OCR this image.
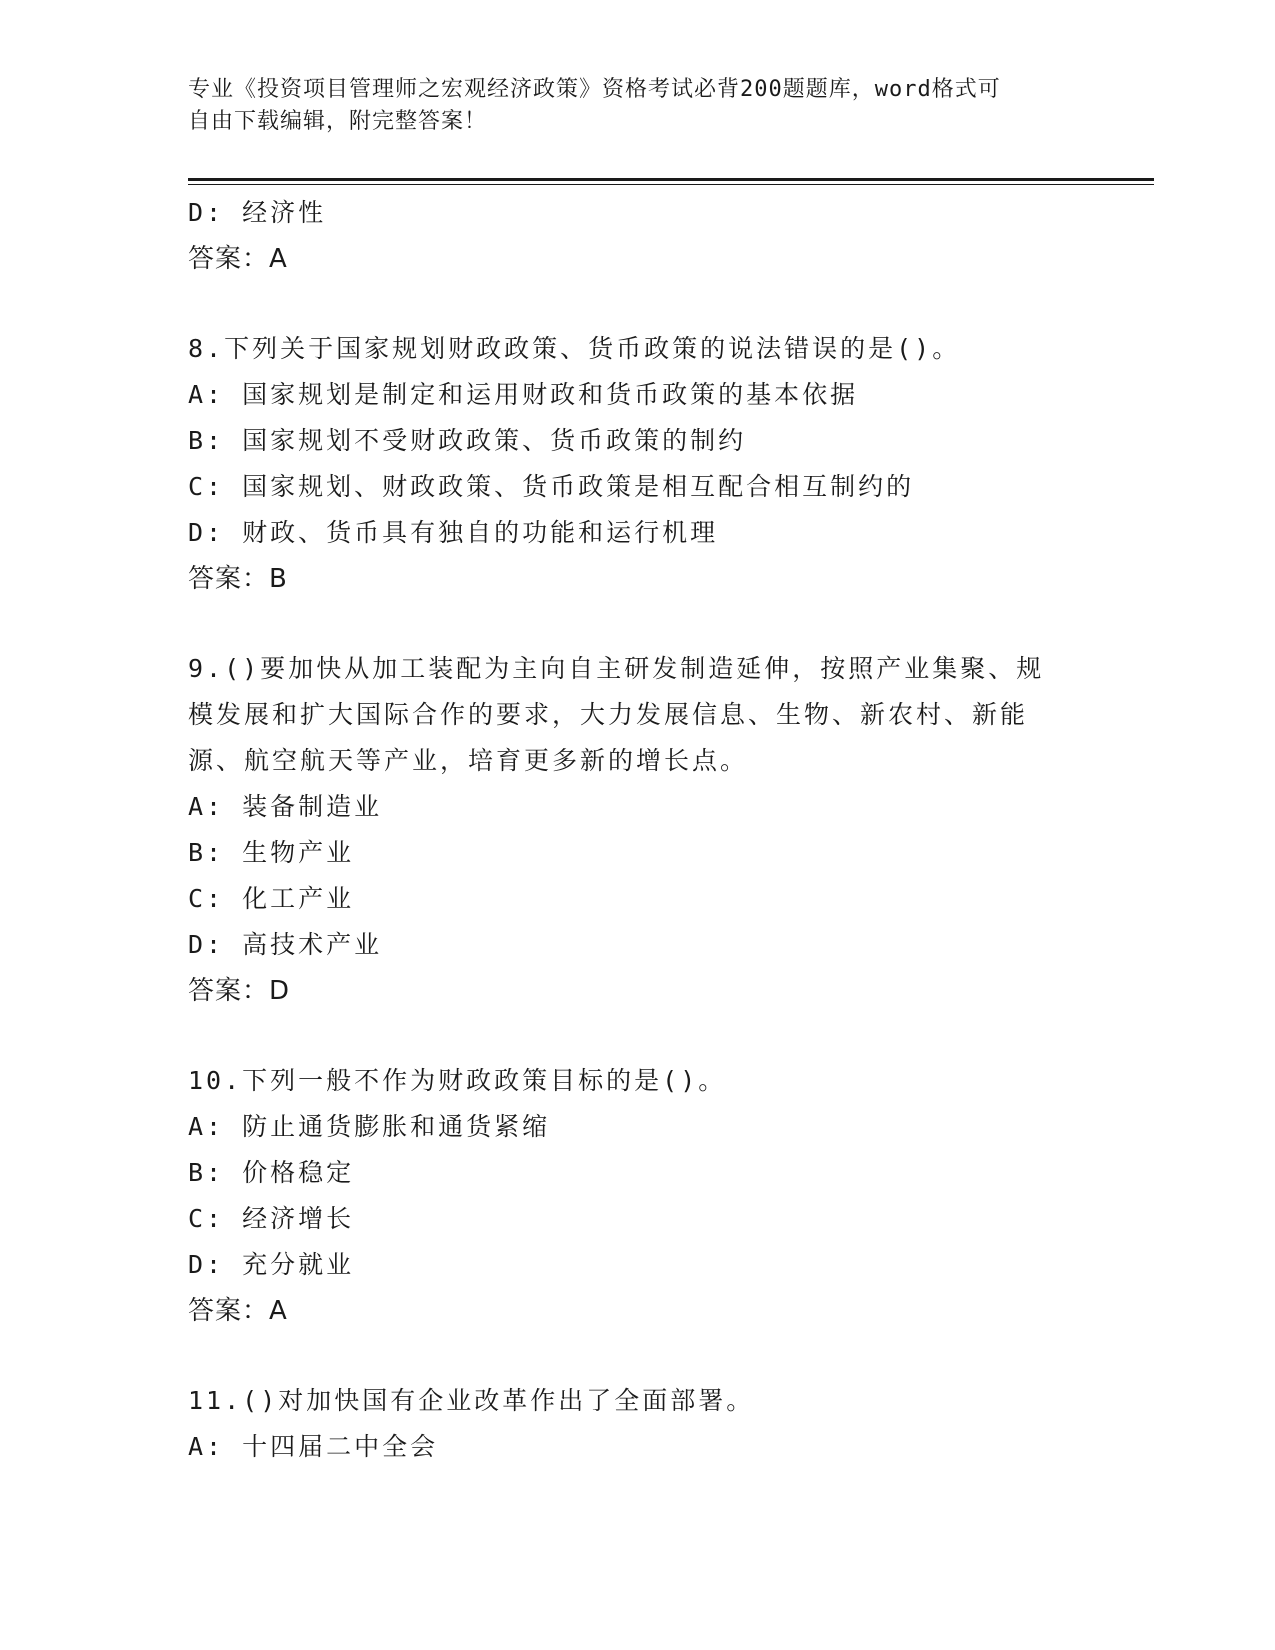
专业《投资项目管理师之宏观经济政策》资格考试必背200题题库，word格式可
自由下载编辑，附完整答案！
D: 经济性
答案：A
8.下列关于国家规划财政政策、货币政策的说法错误的是()。
A: 国家规划是制定和运用财政和货币政策的基本依据
B: 国家规划不受财政政策、货币政策的制约
C: 国家规划、财政政策、货币政策是相互配合相互制约的
D: 财政、货币具有独自的功能和运行机理
答案：B
9.()要加快从加工装配为主向自主研发制造延伸，按照产业集聚、规
模发展和扩大国际合作的要求，大力发展信息、生物、新农村、新能
源、航空航天等产业，培育更多新的增长点。
A: 装备制造业
B: 生物产业
C: 化工产业
D: 高技术产业
答案：D
10.下列一般不作为财政政策目标的是()。
A: 防止通货膨胀和通货紧缩
B: 价格稳定
C: 经济增长
D: 充分就业
答案：A
11.()对加快国有企业改革作出了全面部署。
A: 十四届二中全会
